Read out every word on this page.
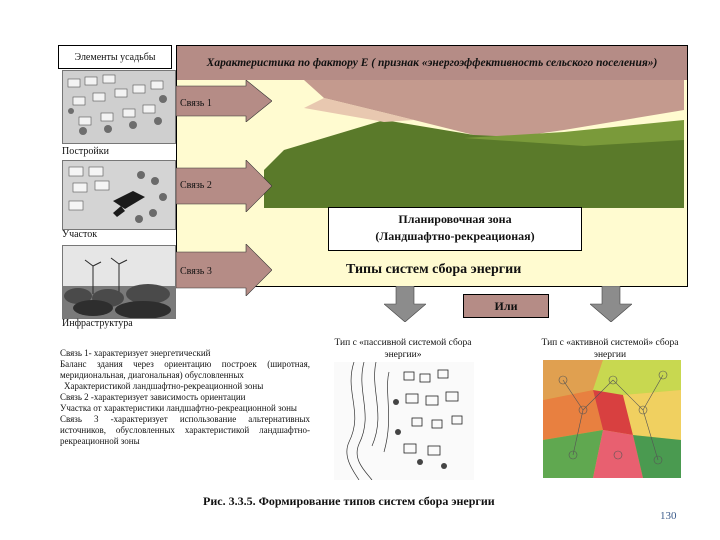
Элементы усадьбы
Постройки
Участок
Инфраструктура
Характеристика по фактору Е ( признак «энергоэффективность сельского поселения»)
Связь 1
Связь 2
Связь 3
Планировочная зона
(Ландшафтно-рекреационая)
Типы систем сбора энергии
Или
Тип с «пассивной системой сбора энергии»
Тип с «активной системой» сбора энергии
Связь 1- характеризует энергетический
Баланс здания через ориентацию построек (широтная, меридиональная, диагональная) обусловленных
Характеристикой ландшафтно-рекреационной зоны
Связь 2 -характеризует зависимость ориентации
Участка от характеристики ландшафтно-рекреационной зоны
Связь 3 -характеризует использование альтернативных источников, обусловленных характеристикой ландшафтно-рекреационной зоны
Рис. 3.3.5. Формирование типов систем сбора энергии
130
